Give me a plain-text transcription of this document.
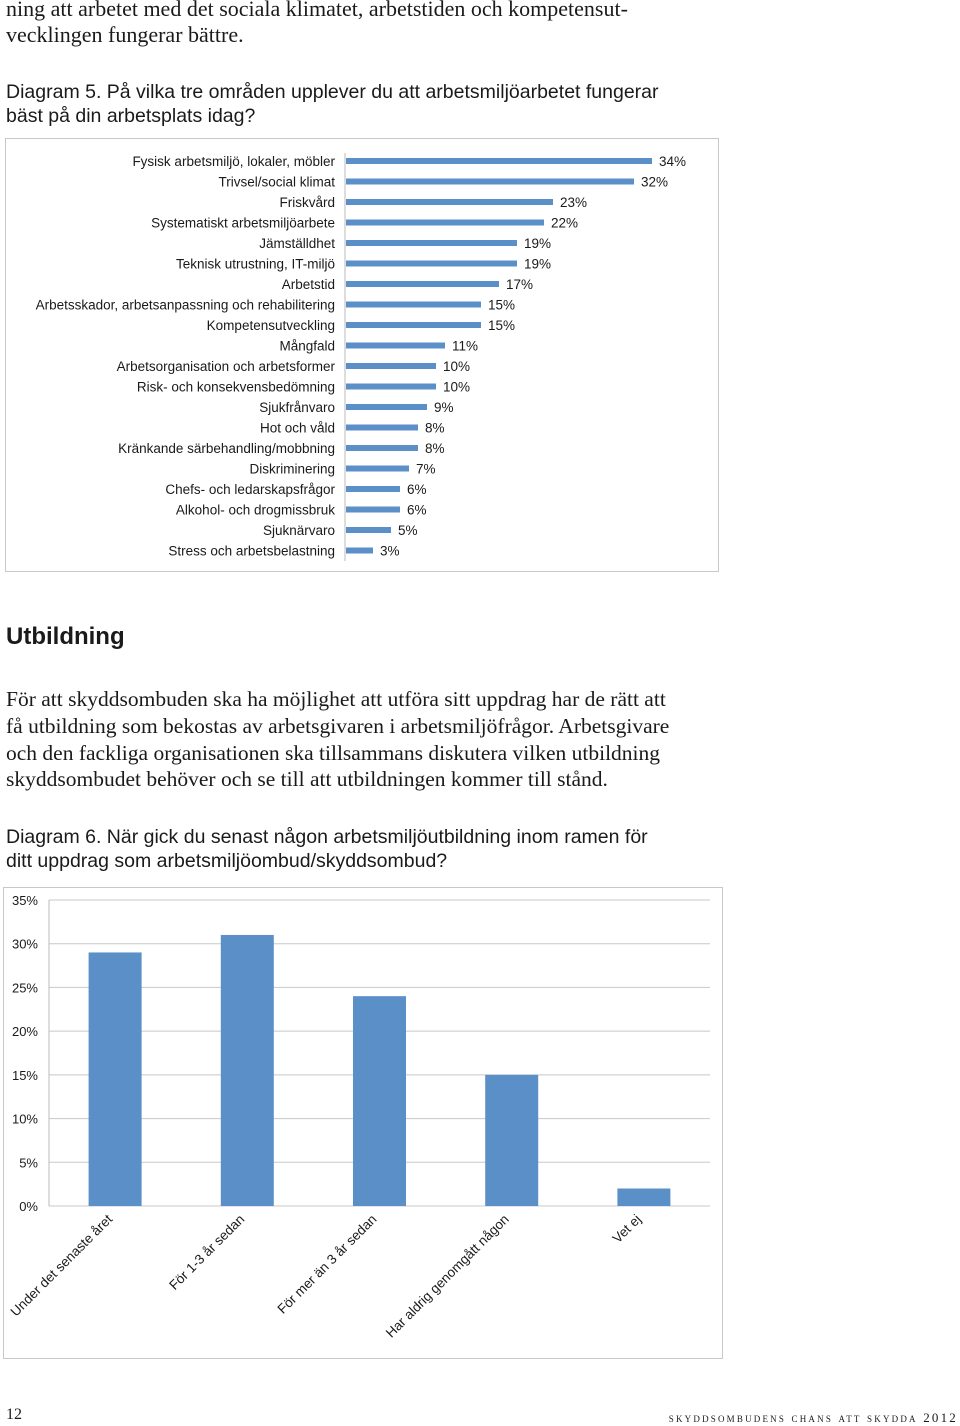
ning att arbetet med det sociala klimatet, arbetstiden och kompetensut-
vecklingen fungerar bättre.
Diagram 5. På vilka tre områden upplever du att arbetsmiljöarbetet fungerar
bäst på din arbetsplats idag?
Fysisk arbetsmiljö, lokaler, möbler	34%
Trivsel/social klimat	32%
Friskvård	23%
Systematiskt arbetsmiljöarbete	22%
Jämställdhet	19%
Teknisk utrustning, IT-miljö	19%
Arbetstid	17%
Arbetsskador, arbetsanpassning och rehabilitering	15%
Kompetensutveckling	15%
Mångfald	11%
Arbetsorganisation och arbetsformer	10%
Risk- och konsekvensbedömning	10%
Sjukfrånvaro	9%
Hot och våld	8%
Kränkande särbehandling/mobbning	8%
Diskriminering	7%
Chefs- och ledarskapsfrågor	6%
Alkohol- och drogmissbruk	6%
Sjuknärvaro	5%
Stress och arbetsbelastning	3%
Utbildning
För att skyddsombuden ska ha möjlighet att utföra sitt uppdrag har de rätt att
få utbildning som bekostas av arbetsgivaren i arbetsmiljöfrågor. Arbetsgivare
och den fackliga organisationen ska tillsammans diskutera vilken utbildning
skyddsombudet behöver och se till att utbildningen kommer till stånd.
Diagram 6. När gick du senast någon arbetsmiljöutbildning inom ramen för
ditt uppdrag som arbetsmiljöombud/skyddsombud?
0%
5%
10%
15%
20%
25%
30%
35%
Under det senaste året	För 1-3 år sedan För mer än 3 år sedan Har aldrig genomgått någon	Vet ej
12	skyddsombudens chans att skydda 2012
